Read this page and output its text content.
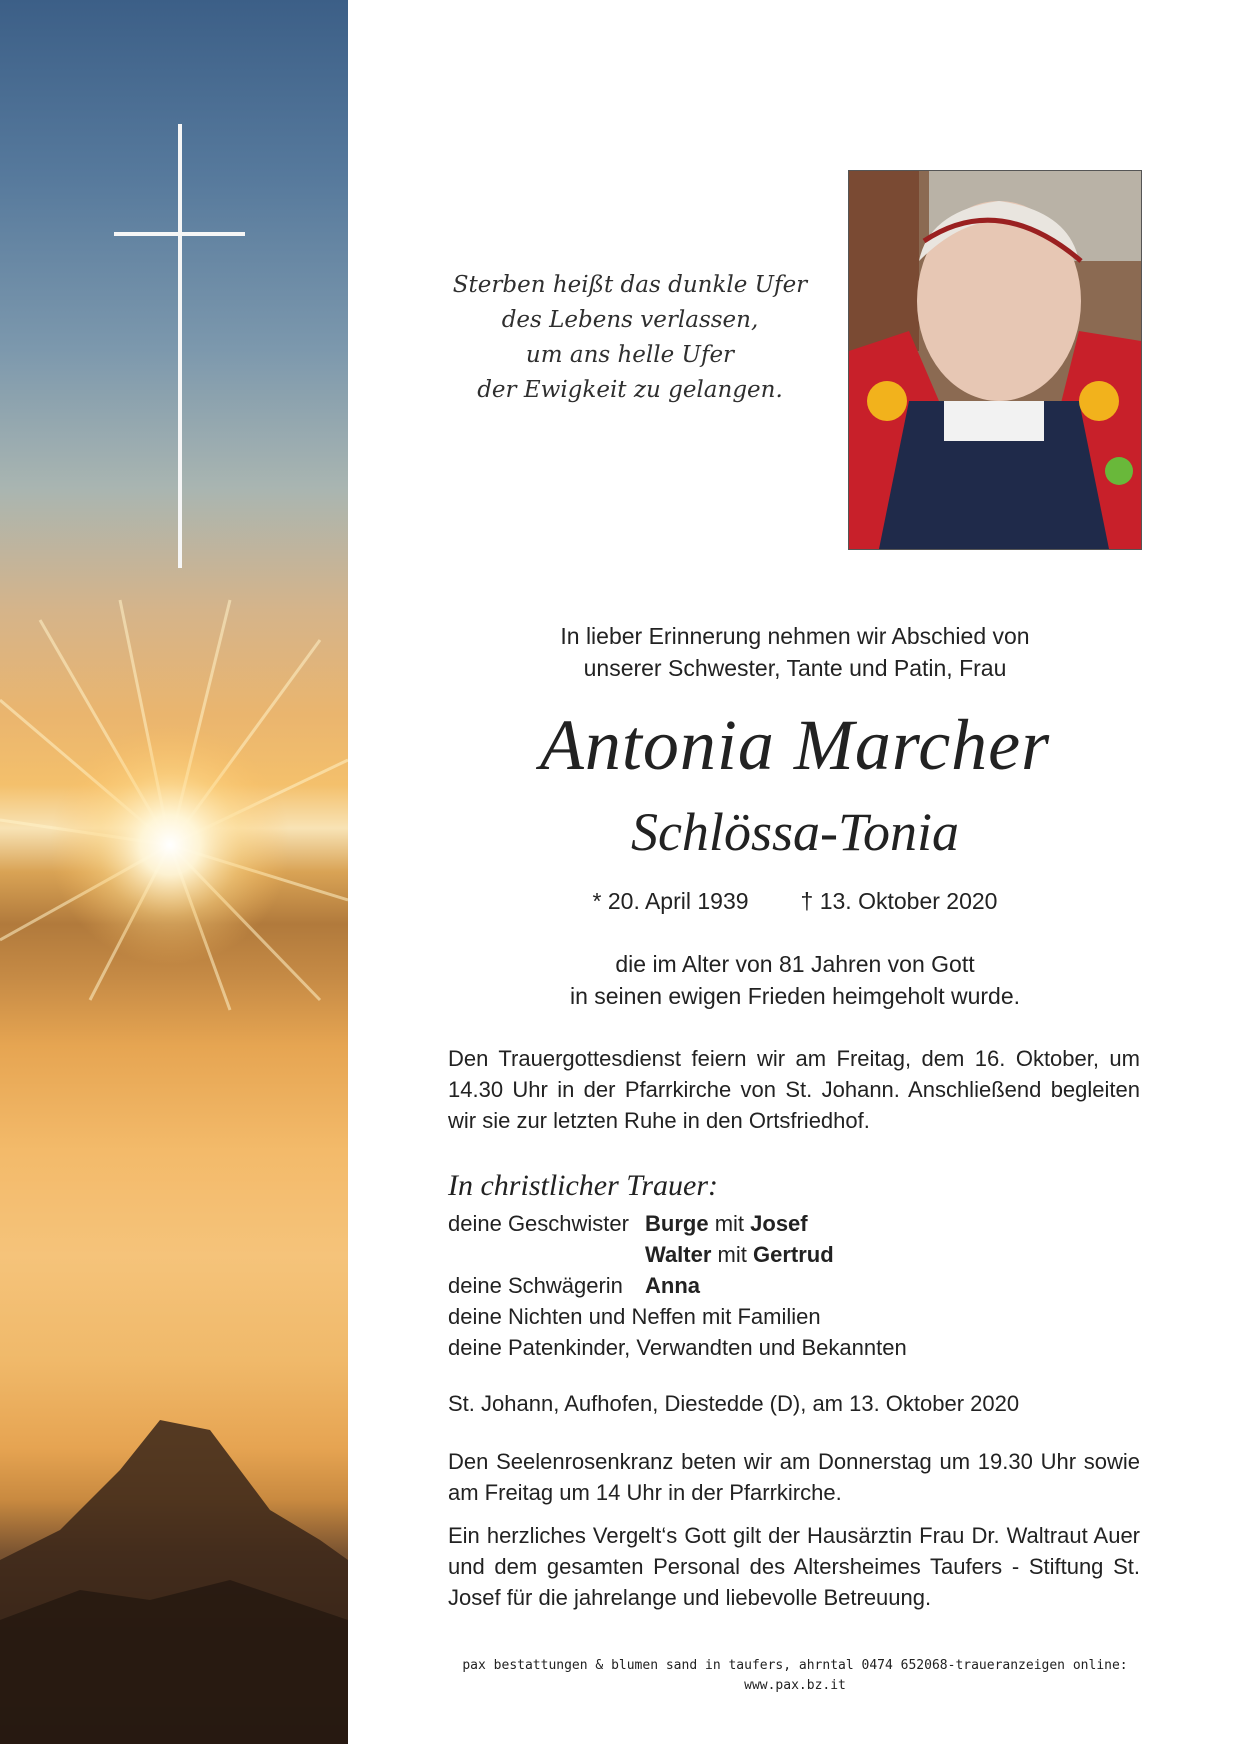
Sterben heißt das dunkle Ufer
des Lebens verlassen,
um ans helle Ufer
der Ewigkeit zu gelangen.
In lieber Erinnerung nehmen wir Abschied von
unserer Schwester, Tante und Patin, Frau
Antonia Marcher
Schlössa-Tonia
* 20. April 1939 † 13. Oktober 2020
die im Alter von 81 Jahren von Gott
in seinen ewigen Frieden heimgeholt wurde.
Den Trauergottesdienst feiern wir am Freitag, dem 16. Oktober, um 14.30 Uhr in der Pfarrkirche von St. Johann. Anschließend begleiten wir sie zur letzten Ruhe in den Ortsfriedhof.
In christlicher Trauer:
deine Geschwister Burge mit Josef
Walter mit Gertrud
deine Schwägerin	Anna
deine Nichten und Neffen mit Familien
deine Patenkinder, Verwandten und Bekannten
St. Johann, Aufhofen, Diestedde (D), am 13. Oktober 2020
Den Seelenrosenkranz beten wir am Donnerstag um 19.30 Uhr sowie am Freitag um 14 Uhr in der Pfarrkirche.
Ein herzliches Vergelt‘s Gott gilt der Hausärztin Frau Dr. Waltraut Auer und dem gesamten Personal des Altersheimes Taufers - Stiftung St. Josef für die jahrelange und liebevolle Betreuung.
pax bestattungen & blumen sand in taufers, ahrntal 0474 652068-traueranzeigen online: www.pax.bz.it
